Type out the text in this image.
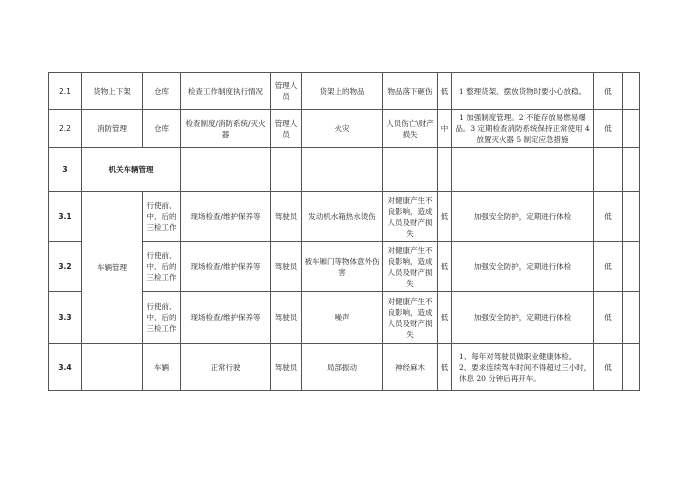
2.1	货物上下架	仓库	检查工作制度执行情况	管理人员	货架上的物品	物品落下砸伤	低	1 整理货架、摆放货物时要小心放稳。	低	
2.2	消防管理	仓库	检查制度/消防系统/灭火器	管理人员	火灾	人员伤亡\财产损失	中	1 加强制度管理。2 不能存放易燃易爆品。3 定期检查消防系统保持正常使用 4 放置灭火器 5 制定应急措施	低	
3	机关车辆管理									
3.1	车辆管理	行使前、中、后的三检工作	现场检查/维护保养等	驾驶员	发动机水箱热水烫伤	对健康产生不良影响，造成人员及财产损失	低	加强安全防护，定期进行体检	低	
3.2		行使前、中、后的三检工作	现场检查/维护保养等	驾驶员	被车厢门等物体意外伤害	对健康产生不良影响，造成人员及财产损失	低	加强安全防护，定期进行体检	低	
3.3		行使前、中、后的三检工作	现场检查/维护保养等	驾驶员	噪声	对健康产生不良影响，造成人员及财产损失	低	加强安全防护，定期进行体检	低	
3.4		车辆	正常行驶	驾驶员	局部振动	神经麻木	低	1、每年对驾驶员做职业健康体检。
2、要求连续驾车时间不得超过三小时，
休息 20 分钟后再开车。	低	
